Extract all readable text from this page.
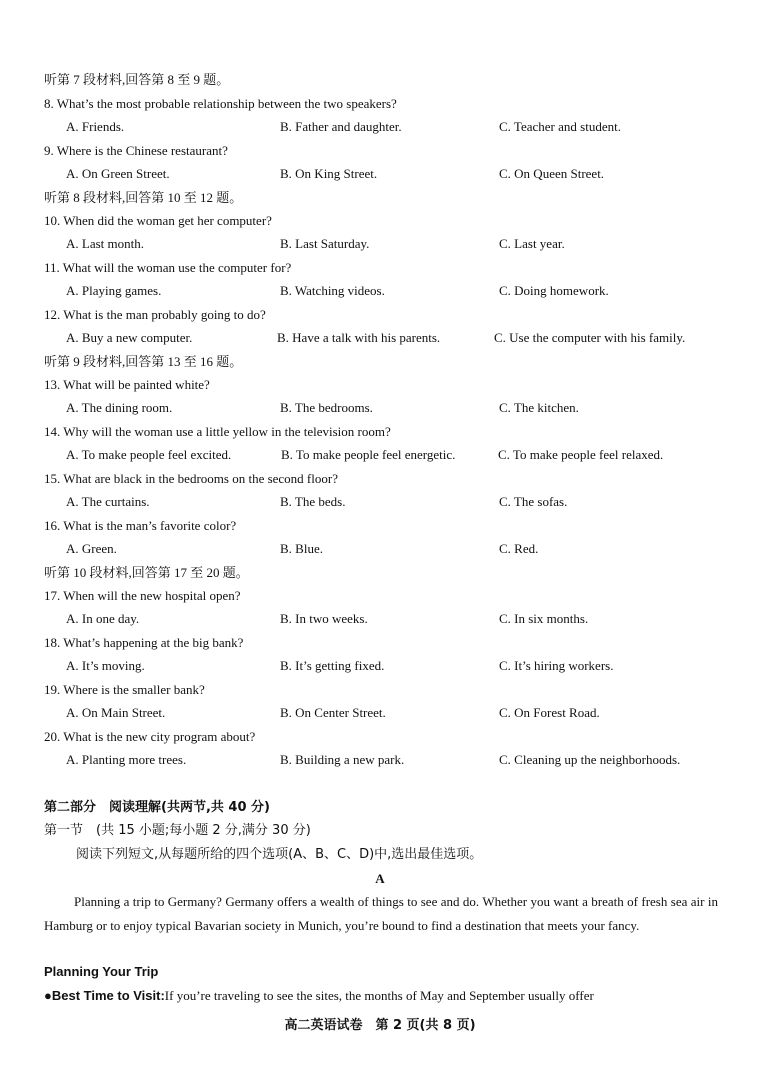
听第 7 段材料,回答第 8 至 9 题。
8. What’s the most probable relationship between the two speakers?
A. Friends.	B. Father and daughter.	C. Teacher and student.
9. Where is the Chinese restaurant?
A. On Green Street.	B. On King Street.	C. On Queen Street.
听第 8 段材料,回答第 10 至 12 题。
10. When did the woman get her computer?
A. Last month.	B. Last Saturday.	C. Last year.
11. What will the woman use the computer for?
A. Playing games.	B. Watching videos.	C. Doing homework.
12. What is the man probably going to do?
A. Buy a new computer.	B. Have a talk with his parents.	C. Use the computer with his family.
听第 9 段材料,回答第 13 至 16 题。
13. What will be painted white?
A. The dining room.	B. The bedrooms.	C. The kitchen.
14. Why will the woman use a little yellow in the television room?
A. To make people feel excited.	B. To make people feel energetic.	C. To make people feel relaxed.
15. What are black in the bedrooms on the second floor?
A. The curtains.	B. The beds.	C. The sofas.
16. What is the man’s favorite color?
A. Green.	B. Blue.	C. Red.
听第 10 段材料,回答第 17 至 20 题。
17. When will the new hospital open?
A. In one day.	B. In two weeks.	C. In six months.
18. What’s happening at the big bank?
A. It’s moving.	B. It’s getting fixed.	C. It’s hiring workers.
19. Where is the smaller bank?
A. On Main Street.	B. On Center Street.	C. On Forest Road.
20. What is the new city program about?
A. Planting more trees.	B. Building a new park.	C. Cleaning up the neighborhoods.
第二部分　阅读理解(共两节,共 40 分)
第一节　(共 15 小题;每小题 2 分,满分 30 分)
阅读下列短文,从每题所给的四个选项(A、B、C、D)中,选出最佳选项。
A
Planning a trip to Germany? Germany offers a wealth of things to see and do. Whether you want a breath of fresh sea air in Hamburg or to enjoy typical Bavarian society in Munich, you’re bound to find a destination that meets your fancy.
Planning Your Trip
●Best Time to Visit:If you’re traveling to see the sites, the months of May and September usually offer
高二英语试卷　第 2 页(共 8 页)
